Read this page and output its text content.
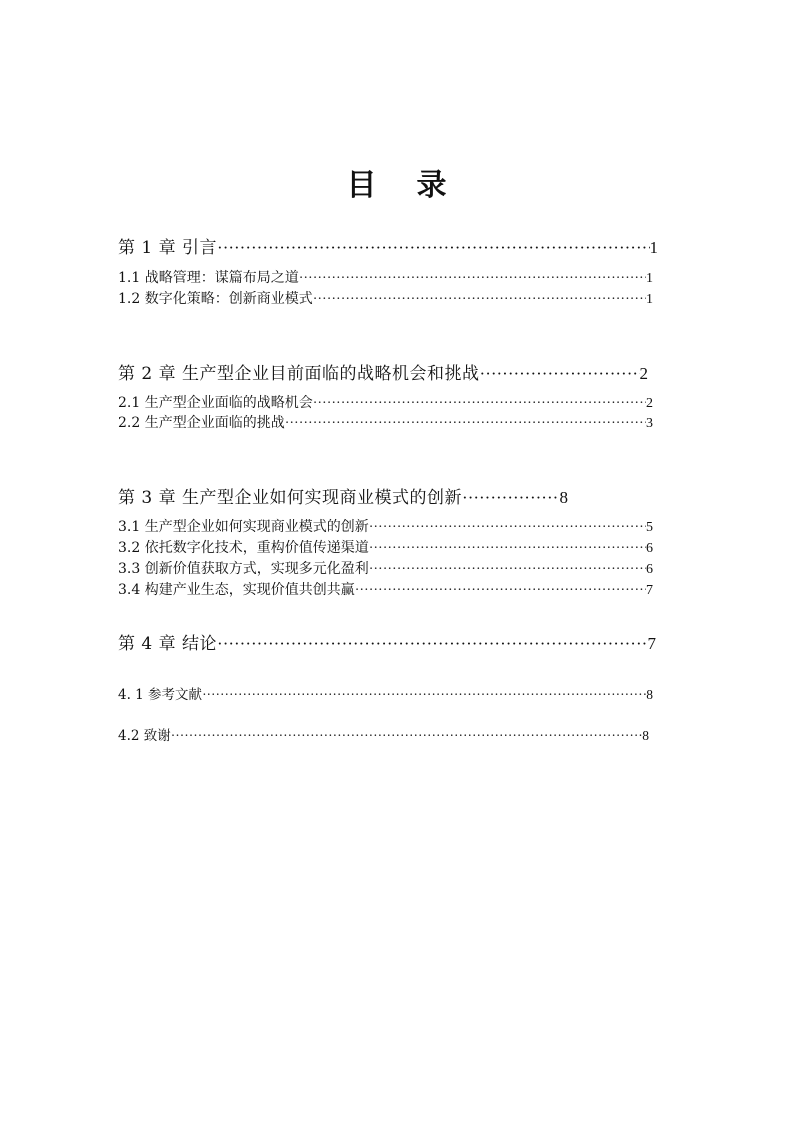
目 录
第 1 章 引言 ·····	1
1.1 战略管理：谋篇布局之道 ·····	1
1.2 数字化策略：创新商业模式 ·····	1
第 2 章 生产型企业目前面临的战略机会和挑战 ·····	2
2.1 生产型企业面临的战略机会 ·····	2
2.2 生产型企业面临的挑战 ·····	3
第 3 章 生产型企业如何实现商业模式的创新 ·····	8
3.1 生产型企业如何实现商业模式的创新 ·····	5
3.2 依托数字化技术，重构价值传递渠道 ·····	6
3.3 创新价值获取方式，实现多元化盈利 ·····	6
3.4 构建产业生态，实现价值共创共赢 ·····	7
第 4 章 结论 ·····	7
4. 1 参考文献 ·····	8
4.2 致谢 ·····	8
